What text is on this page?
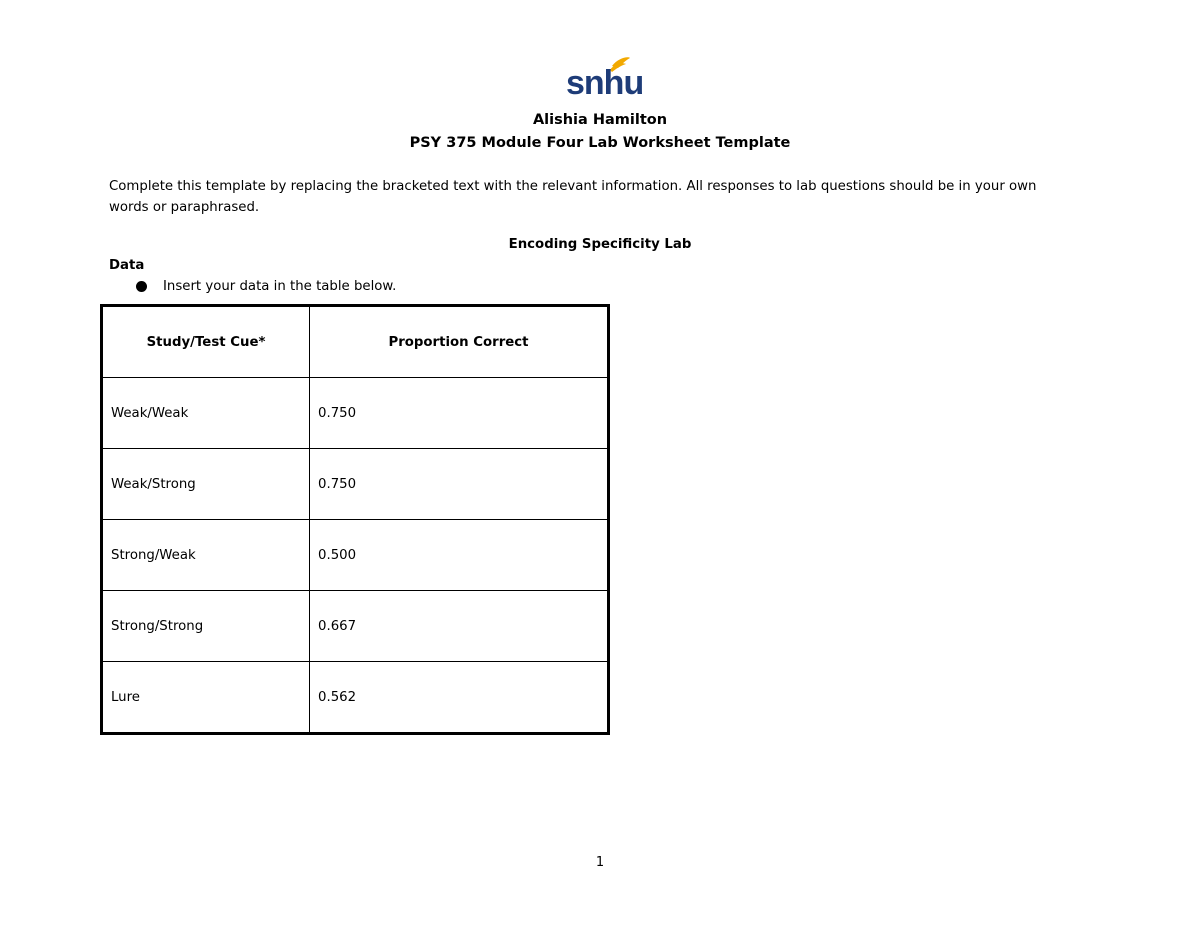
snhu
Alishia Hamilton
PSY 375 Module Four Lab Worksheet Template
Complete this template by replacing the bracketed text with the relevant information. All responses to lab questions should be in your own words or paraphrased.
Encoding Specificity Lab
Data
Insert your data in the table below.
Study/Test Cue*	Proportion Correct
Weak/Weak	0.750
Weak/Strong	0.750
Strong/Weak	0.500
Strong/Strong	0.667
Lure	0.562
1
